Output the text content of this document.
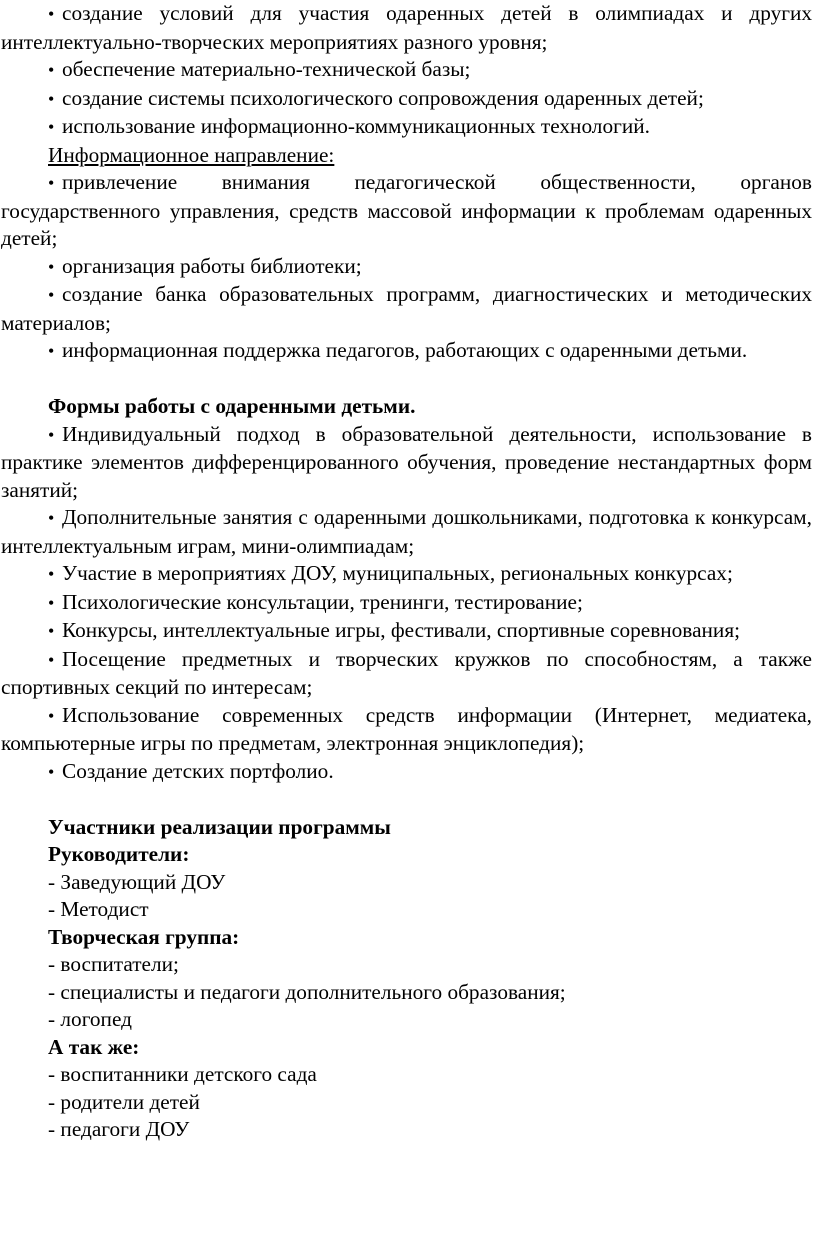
• создание условий для участия одаренных детей в олимпиадах и других интеллектуально-творческих мероприятиях разного уровня;

• обеспечение материально-технической базы;

• создание системы психологического сопровождения одаренных детей;

• использование информационно-коммуникационных технологий.

Информационное направление:

• привлечение внимания педагогической общественности, органов государственного управления, средств массовой информации к проблемам одаренных детей;

• организация работы библиотеки;

• создание банка образовательных программ, диагностических и методических материалов;

• информационная поддержка педагогов, работающих с одаренными детьми.

Формы работы с одаренными детьми.

• Индивидуальный подход в образовательной деятельности, использование в практике элементов дифференцированного обучения, проведение нестандартных форм занятий;

• Дополнительные занятия с одаренными дошкольниками, подготовка к конкурсам, интеллектуальным играм, мини-олимпиадам;

• Участие в мероприятиях ДОУ, муниципальных, региональных конкурсах;

• Психологические консультации, тренинги, тестирование;

• Конкурсы, интеллектуальные игры, фестивали, спортивные соревнования;

• Посещение предметных и творческих кружков по способностям, а также спортивных секций по интересам;

• Использование современных средств информации (Интернет, медиатека, компьютерные игры по предметам, электронная энциклопедия);

• Создание детских портфолио.

Участники реализации программы

Руководители:

- Заведующий ДОУ

- Методист

Творческая группа:

- воспитатели;

- специалисты и педагоги дополнительного образования;

- логопед

А так же:

- воспитанники детского сада

- родители детей

- педагоги ДОУ
